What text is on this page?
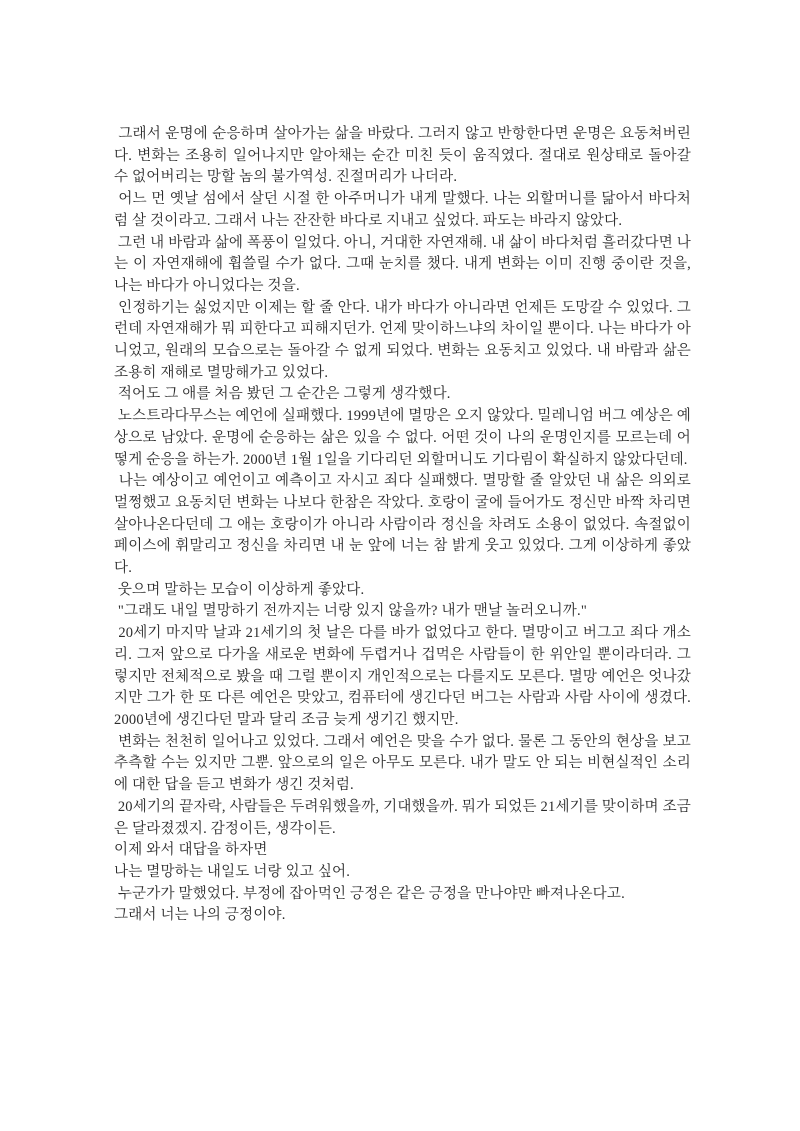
그래서 운명에 순응하며 살아가는 삶을 바랐다. 그러지 않고 반항한다면 운명은 요동쳐버린다. 변화는 조용히 일어나지만 알아채는 순간 미친 듯이 움직였다. 절대로 원상태로 돌아갈 수 없어버리는 망할 놈의 불가역성. 진절머리가 나더라.

어느 먼 옛날 섬에서 살던 시절 한 아주머니가 내게 말했다. 나는 외할머니를 닮아서 바다처럼 살 것이라고. 그래서 나는 잔잔한 바다로 지내고 싶었다. 파도는 바라지 않았다.

그런 내 바람과 삶에 폭풍이 일었다. 아니, 거대한 자연재해. 내 삶이 바다처럼 흘러갔다면 나는 이 자연재해에 휩쓸릴 수가 없다. 그때 눈치를 챘다. 내게 변화는 이미 진행 중이란 것을, 나는 바다가 아니었다는 것을.

인정하기는 싫었지만 이제는 할 줄 안다. 내가 바다가 아니라면 언제든 도망갈 수 있었다. 그런데 자연재해가 뭐 피한다고 피해지던가. 언제 맞이하느냐의 차이일 뿐이다. 나는 바다가 아니었고, 원래의 모습으로는 돌아갈 수 없게 되었다. 변화는 요동치고 있었다. 내 바람과 삶은 조용히 재해로 멸망해가고 있었다.

적어도 그 애를 처음 봤던 그 순간은 그렇게 생각했다.

노스트라다무스는 예언에 실패했다. 1999년에 멸망은 오지 않았다. 밀레니엄 버그 예상은 예상으로 남았다. 운명에 순응하는 삶은 있을 수 없다. 어떤 것이 나의 운명인지를 모르는데 어떻게 순응을 하는가. 2000년 1월 1일을 기다리던 외할머니도 기다림이 확실하지 않았다던데.

나는 예상이고 예언이고 예측이고 자시고 죄다 실패했다. 멸망할 줄 알았던 내 삶은 의외로 멀쩡했고 요동치던 변화는 나보다 한참은 작았다. 호랑이 굴에 들어가도 정신만 바짝 차리면 살아나온다던데 그 애는 호랑이가 아니라 사람이라 정신을 차려도 소용이 없었다. 속절없이 페이스에 휘말리고 정신을 차리면 내 눈 앞에 너는 참 밝게 웃고 있었다. 그게 이상하게 좋았다.

웃으며 말하는 모습이 이상하게 좋았다.

"그래도 내일 멸망하기 전까지는 너랑 있지 않을까? 내가 맨날 놀러오니까."

20세기 마지막 날과 21세기의 첫 날은 다를 바가 없었다고 한다. 멸망이고 버그고 죄다 개소리. 그저 앞으로 다가올 새로운 변화에 두렵거나 겁먹은 사람들이 한 위안일 뿐이라더라. 그렇지만 전체적으로 봤을 때 그럴 뿐이지 개인적으로는 다를지도 모른다. 멸망 예언은 엇나갔지만 그가 한 또 다른 예언은 맞았고, 컴퓨터에 생긴다던 버그는 사람과 사람 사이에 생겼다. 2000년에 생긴다던 말과 달리 조금 늦게 생기긴 했지만.

변화는 천천히 일어나고 있었다. 그래서 예언은 맞을 수가 없다. 물론 그 동안의 현상을 보고 추측할 수는 있지만 그뿐. 앞으로의 일은 아무도 모른다. 내가 말도 안 되는 비현실적인 소리에 대한 답을 듣고 변화가 생긴 것처럼.

20세기의 끝자락, 사람들은 두려워했을까, 기대했을까. 뭐가 되었든 21세기를 맞이하며 조금은 달라졌겠지. 감정이든, 생각이든.

이제 와서 대답을 하자면

나는 멸망하는 내일도 너랑 있고 싶어.

누군가가 말했었다. 부정에 잡아먹인 긍정은 같은 긍정을 만나야만 빠져나온다고.

그래서 너는 나의 긍정이야.
